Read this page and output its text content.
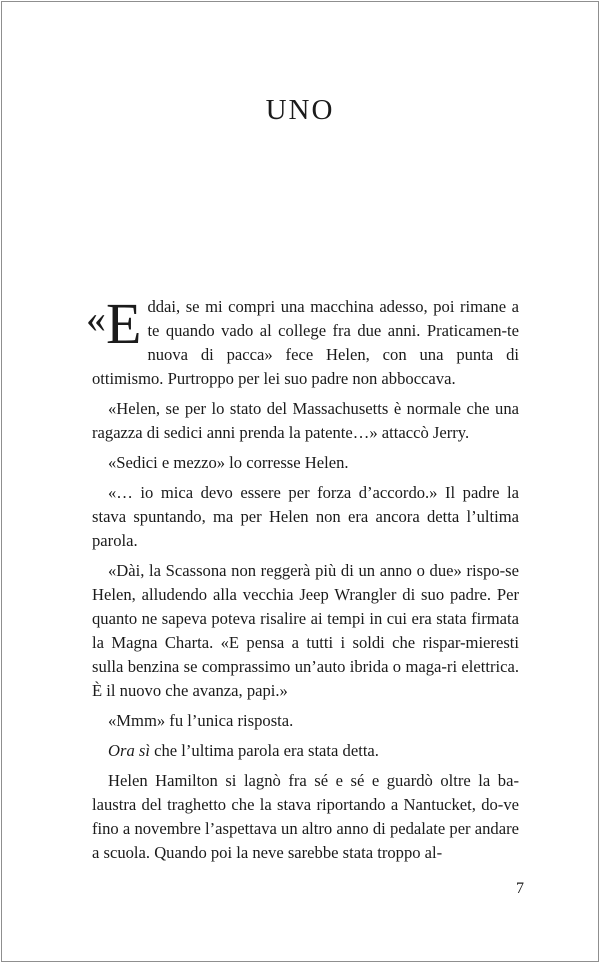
UNO

«E ddai, se mi compri una macchina adesso, poi rimane a te quando vado al college fra due anni. Praticamen-te nuova di pacca» fece Helen, con una punta di ottimismo. Purtroppo per lei suo padre non abboccava.

«Helen, se per lo stato del Massachusetts è normale che una ragazza di sedici anni prenda la patente…» attaccò Jerry.

«Sedici e mezzo» lo corresse Helen.

«… io mica devo essere per forza d’accordo.» Il padre la stava spuntando, ma per Helen non era ancora detta l’ultima parola.

«Dài, la Scassona non reggerà più di un anno o due» rispo-se Helen, alludendo alla vecchia Jeep Wrangler di suo padre. Per quanto ne sapeva poteva risalire ai tempi in cui era stata firmata la Magna Charta. «E pensa a tutti i soldi che rispar-mieresti sulla benzina se comprassimo un’auto ibrida o maga-ri elettrica. È il nuovo che avanza, papi.»

«Mmm» fu l’unica risposta.

Ora sì che l’ultima parola era stata detta.

Helen Hamilton si lagnò fra sé e sé e guardò oltre la ba-laustra del traghetto che la stava riportando a Nantucket, do-ve fino a novembre l’aspettava un altro anno di pedalate per andare a scuola. Quando poi la neve sarebbe stata troppo al-

7
